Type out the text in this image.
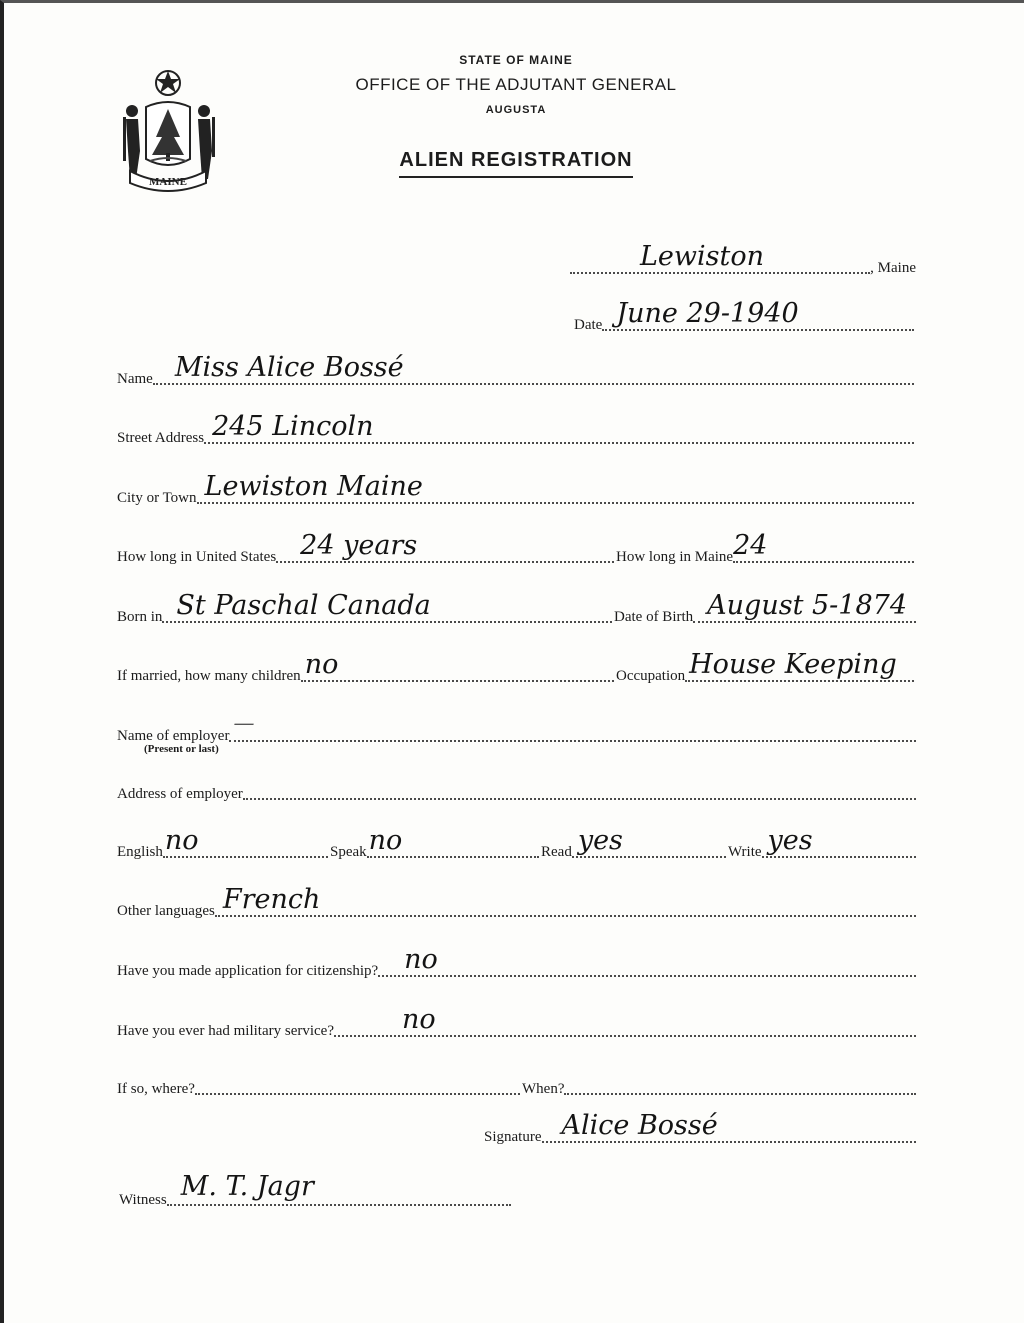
MAINE
STATE OF MAINE
OFFICE OF THE ADJUTANT GENERAL
AUGUSTA
ALIEN REGISTRATION
Lewiston	, Maine
Date June 29-1940
Name Miss Alice Bossé
Street Address 245 Lincoln
City or Town Lewiston Maine
How long in United States 24 years	How long in Maine 24
Born in St Paschal Canada	Date of Birth August 5-1874
If married, how many children no	Occupation House Keeping
Name of employer
—
(Present or last)
Address of employer
English no	Speak no	Read yes	Write yes
Other languages French
Have you made application for citizenship? no
Have you ever had military service?	no
If so, where?	When?
Signature Alice Bossé
Witness M. T. Jagr
